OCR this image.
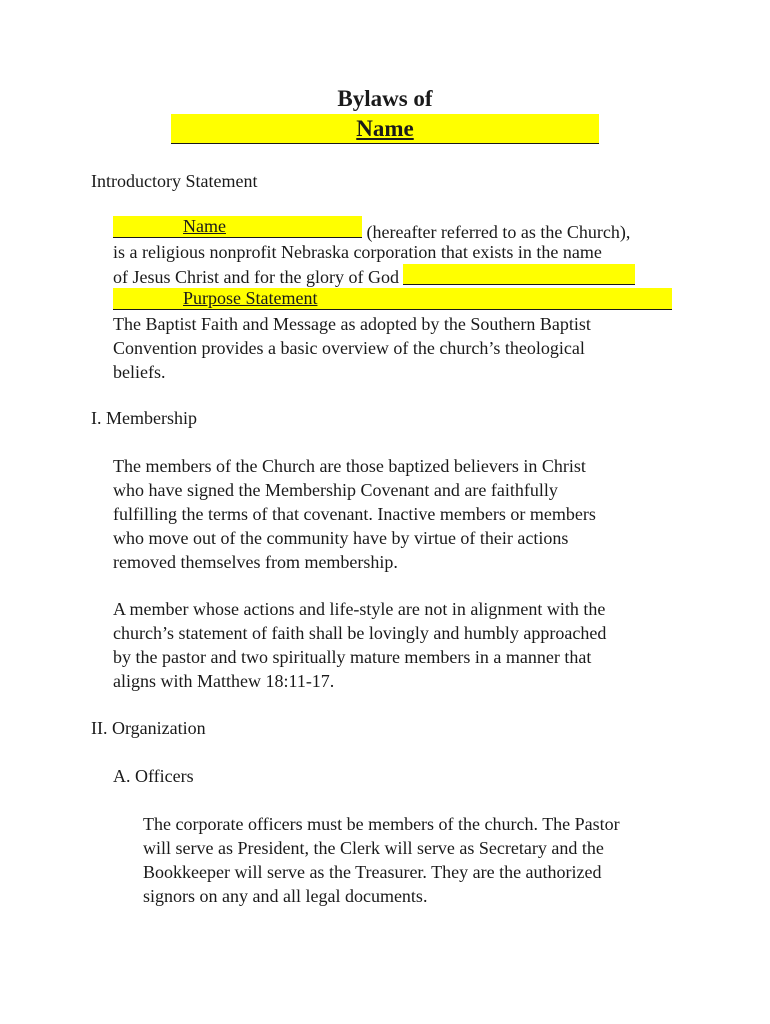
Bylaws of
Name
Introductory Statement
Name	(hereafter referred to as the Church),
is a religious nonprofit Nebraska corporation that exists in the name
of Jesus Christ and for the glory of God
Purpose Statement
The Baptist Faith and Message as adopted by the Southern Baptist
Convention provides a basic overview of the church’s theological
beliefs.
I. Membership
The members of the Church are those baptized believers in Christ
who have signed the Membership Covenant and are faithfully
fulfilling the terms of that covenant. Inactive members or members
who move out of the community have by virtue of their actions
removed themselves from membership.
A member whose actions and life-style are not in alignment with the
church’s statement of faith shall be lovingly and humbly approached
by the pastor and two spiritually mature members in a manner that
aligns with Matthew 18:11-17.
II. Organization
A. Officers
The corporate officers must be members of the church. The Pastor
will serve as President, the Clerk will serve as Secretary and the
Bookkeeper will serve as the Treasurer. They are the authorized
signors on any and all legal documents.
